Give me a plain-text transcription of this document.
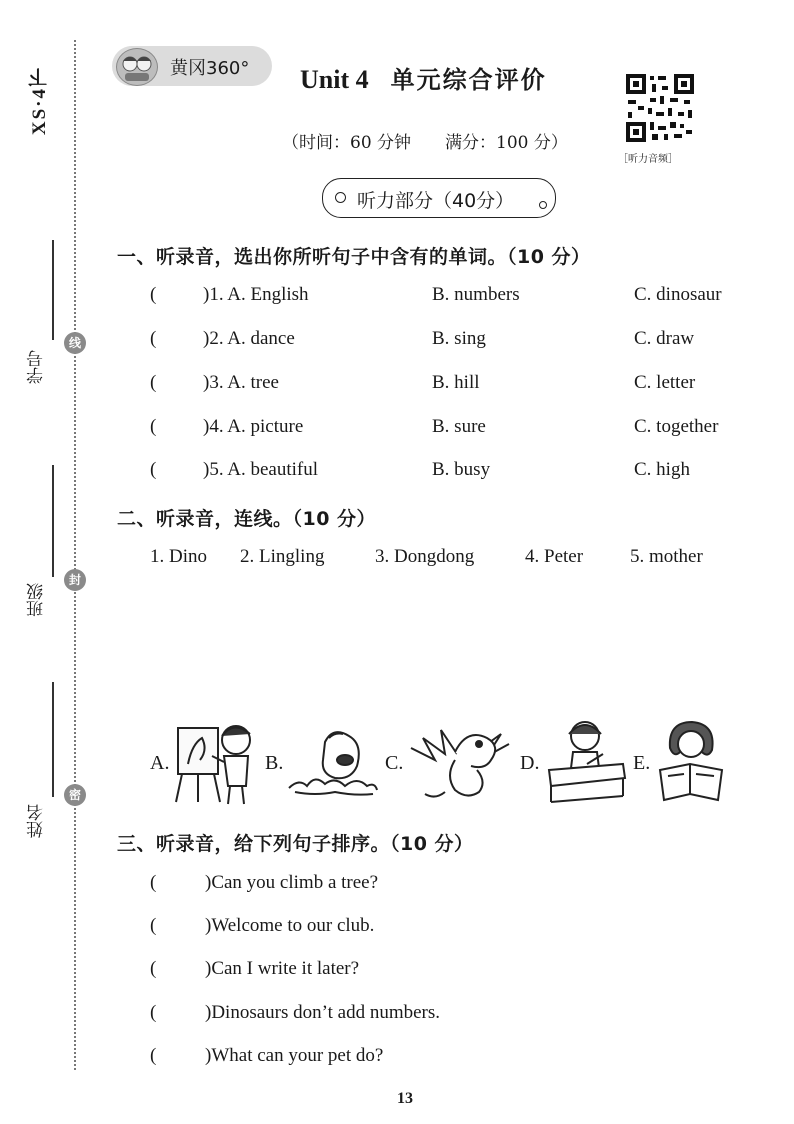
XS·4下
学号
班级
姓名
线
封
密
黄冈360° Unit 4 单元综合评价
（时间：60 分钟　　满分：100 分）
［听力音频］
听力部分（40分）
一、听录音，选出你所听句子中含有的单词。（10 分）
( )1. A. English	B. numbers	C. dinosaur
( )2. A. dance	B. sing	C. draw
( )3. A. tree	B. hill	C. letter
( )4. A. picture	B. sure	C. together
( )5. A. beautiful	B. busy	C. high
二、听录音，连线。（10 分）
1. Dino 2. Lingling	3. Dongdong	4. Peter 5. mother
A.	B.	C.	D.	E.
三、听录音，给下列句子排序。（10 分）
(	)Can you climb a tree?
(	)Welcome to our club.
(	)Can I write it later?
(	)Dinosaurs don’t add numbers.
(	)What can your pet do?
13
